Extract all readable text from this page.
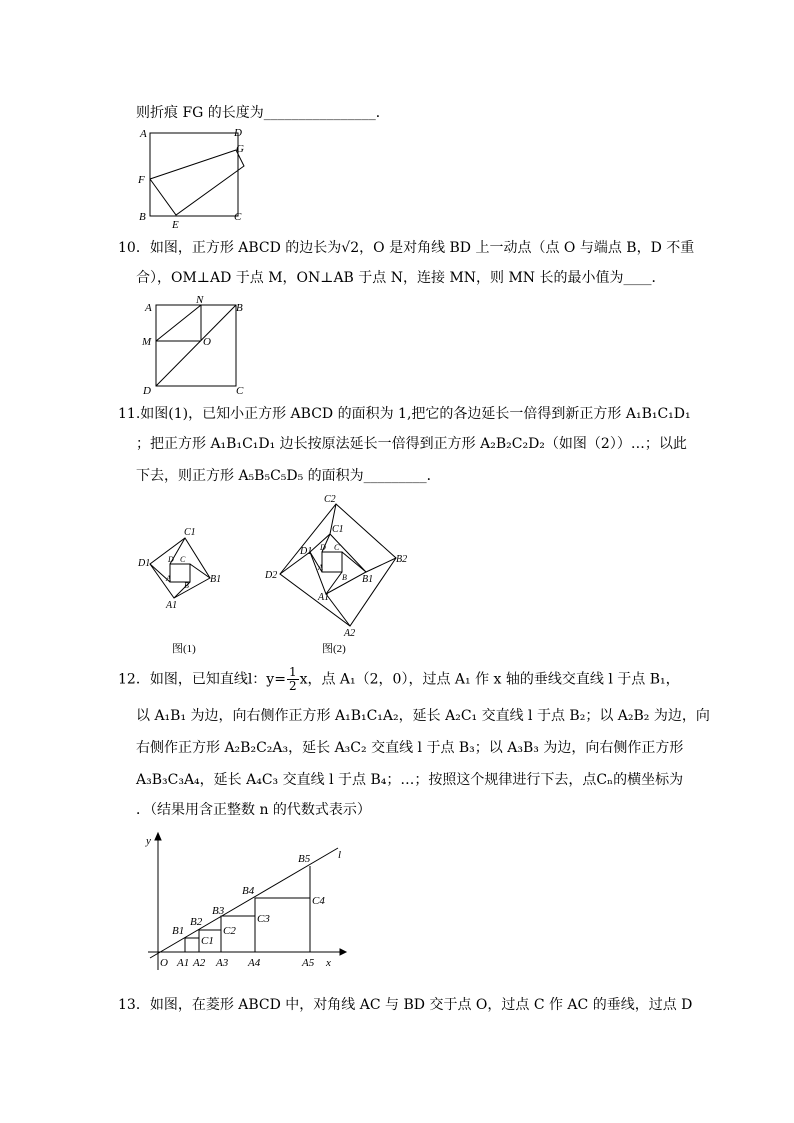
则折痕 FG 的长度为________________．
A	D
G
F
B
E
C
10．如图，正方形 ABCD 的边长为√2，O 是对角线 BD 上一动点（点 O 与端点 B，D 不重
合），OM⊥AD 于点 M，ON⊥AB 于点 N，连接 MN，则 MN 长的最小值为____．
A
N
B
M	O
D	C
11.如图(1)，已知小正方形 ABCD 的面积为 1,把它的各边延长一倍得到新正方形 A₁B₁C₁D₁
；把正方形 A₁B₁C₁D₁ 边长按原法延长一倍得到正方形 A₂B₂C₂D₂（如图（2））…；以此
下去，则正方形 A₅B₅C₅D₅ 的面积为_________．
C1
D1 D C
A
B
B1
A1
图(1)
C2
C1
D1 D C
D2
A
B B1
B2
A1
A2
图(2)
12．如图，已知直线l：$y= \frac{1}{2}$ x，点 A₁（2，0），过点 A₁ 作 x 轴的垂线交直线 l 于点 B₁，
以 A₁B₁ 为边，向右侧作正方形 A₁B₁C₁A₂，延长 A₂C₁ 交直线 l 于点 B₂；以 A₂B₂ 为边，向
右侧作正方形 A₂B₂C₂A₃，延长 A₃C₂ 交直线 l 于点 B₃；以 A₃B₃ 为边，向右侧作正方形
A₃B₃C₃A₄，延长 A₄C₃ 交直线 l 于点 B₄；…；按照这个规律进行下去，点Cₙ的横坐标为
．（结果用含正整数 n 的代数式表示）
y
l
B5
C4
B4
B3
C3
B2
C2
B1
C1
O A1 A2 A3 A4	A5 x
13．如图，在菱形 ABCD 中，对角线 AC 与 BD 交于点 O，过点 C 作 AC 的垂线，过点 D
